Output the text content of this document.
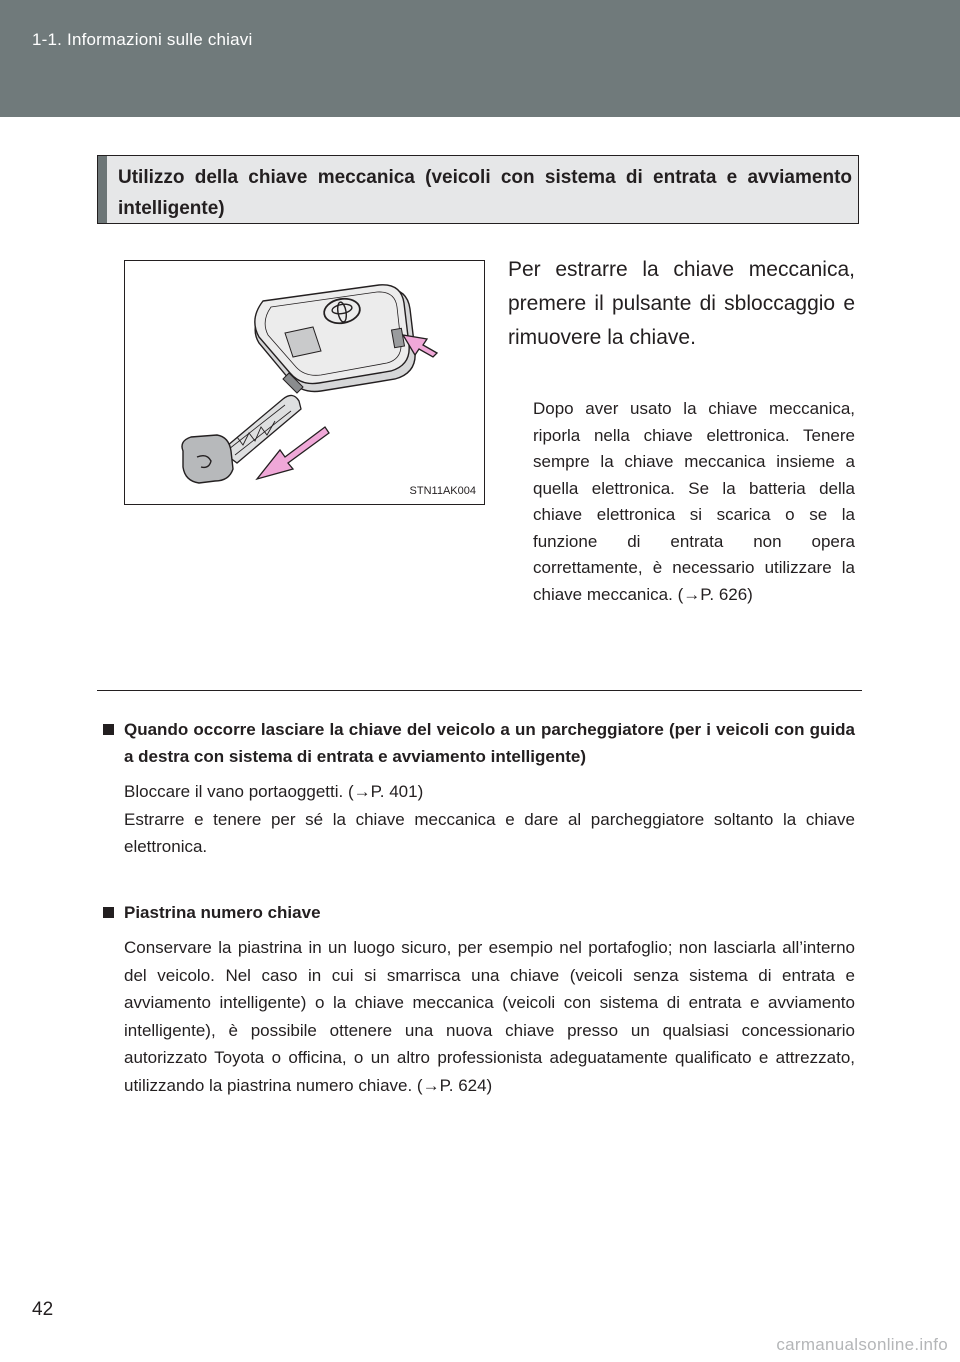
1-1. Informazioni sulle chiavi
Utilizzo della chiave meccanica (veicoli con sistema di entrata e avviamento intelligente)
STN11AK004
Per estrarre la chiave meccanica, premere il pulsante di sbloccaggio e rimuovere la chiave.
Dopo aver usato la chiave meccanica, riporla nella chiave elettronica. Tenere sempre la chiave meccanica insieme a quella elettronica. Se la batteria della chiave elettronica si scarica o se la funzione di entrata non opera correttamente, è necessario utilizzare la chiave meccanica. (→P. 626)
Quando occorre lasciare la chiave del veicolo a un parcheggiatore (per i veicoli con guida a destra con sistema di entrata e avviamento intelligente)

Bloccare il vano portaoggetti. (→P. 401)

Estrarre e tenere per sé la chiave meccanica e dare al parcheggiatore soltanto la chiave elettronica.

Piastrina numero chiave

Conservare la piastrina in un luogo sicuro, per esempio nel portafoglio; non lasciarla all’interno del veicolo. Nel caso in cui si smarrisca una chiave (veicoli senza sistema di entrata e avviamento intelligente) o la chiave meccanica (veicoli con sistema di entrata e avviamento intelligente), è possibile ottenere una nuova chiave presso un qualsiasi concessionario autorizzato Toyota o officina, o un altro professionista adeguatamente qualificato e attrezzato, utilizzando la piastrina numero chiave. (→P. 624)

42
carmanualsonline.info
